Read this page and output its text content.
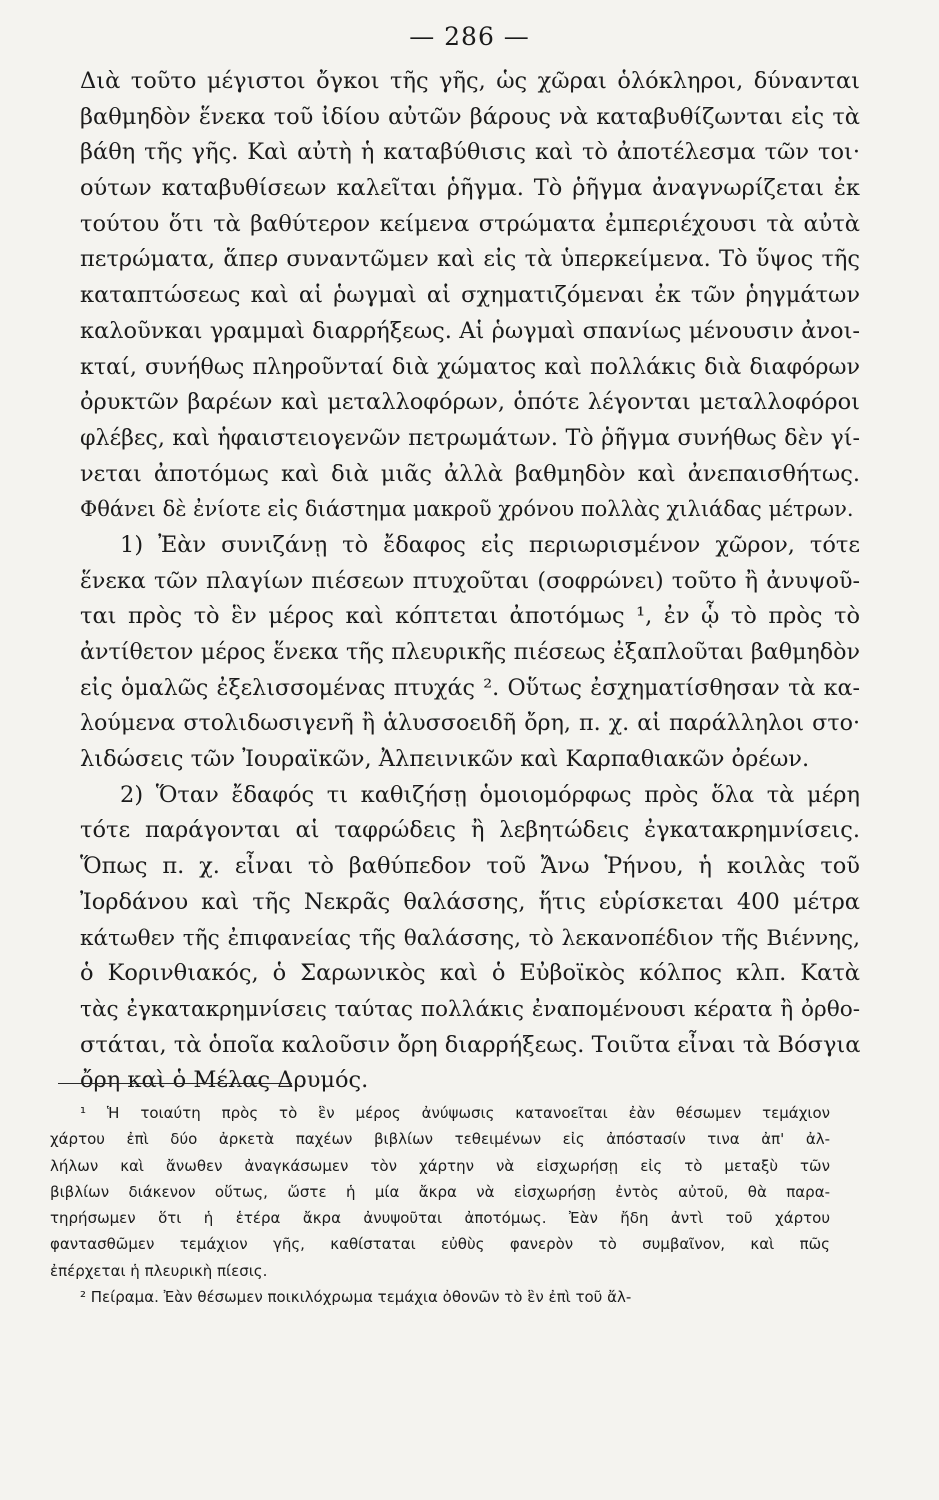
— 286 —
Διὰ τοῦτο μέγιστοι ὄγκοι τῆς γῆς, ὡς χῶραι ὁλόκληροι, δύνανται
βαθμηδὸν ἕνεκα τοῦ ἰδίου αὐτῶν βάρους νὰ καταβυθίζωνται εἰς τὰ
βάθη τῆς γῆς. Καὶ αὐτὴ ἡ καταβύθισις καὶ τὸ ἀποτέλεσμα τῶν τοι·
ούτων καταβυθίσεων καλεῖται ῥῆγμα. Τὸ ῥῆγμα ἀναγνωρίζεται ἐκ
τούτου ὅτι τὰ βαθύτερον κείμενα στρώματα ἐμπεριέχουσι τὰ αὐτὰ
πετρώματα, ἅπερ συναντῶμεν καὶ εἰς τὰ ὑπερκείμενα. Τὸ ὕψος τῆς
καταπτώσεως καὶ αἱ ῥωγμαὶ αἱ σχηματιζόμεναι ἐκ τῶν ῥηγμάτων
καλοῦνκαι γραμμαὶ διαρρήξεως. Αἱ ῥωγμαὶ σπανίως μένουσιν ἀνοι-
κταί, συνήθως πληροῦνταί διὰ χώματος καὶ πολλάκις διὰ διαφόρων
ὀρυκτῶν βαρέων καὶ μεταλλοφόρων, ὁπότε λέγονται μεταλλοφόροι
φλέβες, καὶ ἡφαιστειογενῶν πετρωμάτων. Τὸ ῥῆγμα συνήθως δὲν γί-
νεται ἀποτόμως καὶ διὰ μιᾶς ἀλλὰ βαθμηδὸν καὶ ἀνεπαισθήτως.
Φθάνει δὲ ἐνίοτε εἰς διάστημα μακροῦ χρόνου πολλὰς χιλιάδας μέτρων.
1) Ἐὰν συνιζάνῃ τὸ ἔδαφος εἰς περιωρισμένον χῶρον, τότε
ἕνεκα τῶν πλαγίων πιέσεων πτυχοῦται (σοφρώνει) τοῦτο ἢ ἀνυψοῦ-
ται πρὸς τὸ ἓν μέρος καὶ κόπτεται ἀποτόμως ¹, ἐν ᾧ τὸ πρὸς τὸ
ἀντίθετον μέρος ἕνεκα τῆς πλευρικῆς πιέσεως ἐξαπλοῦται βαθμηδὸν
εἰς ὁμαλῶς ἐξελισσομένας πτυχάς ². Οὕτως ἐσχηματίσθησαν τὰ κα-
λούμενα στολιδωσιγενῆ ἢ ἁλυσσοειδῆ ὄρη, π. χ. αἱ παράλληλοι στο·
λιδώσεις τῶν Ἰουραϊκῶν, Ἀλπεινικῶν καὶ Καρπαθιακῶν ὀρέων.
2) Ὅταν ἔδαφός τι καθιζήσῃ ὁμοιομόρφως πρὸς ὅλα τὰ μέρη
τότε παράγονται αἱ ταφρώδεις ἢ λεβητώδεις ἐγκατακρημνίσεις.
Ὅπως π. χ. εἶναι τὸ βαθύπεδον τοῦ Ἄνω Ῥήνου, ἡ κοιλὰς τοῦ
Ἰορδάνου καὶ τῆς Νεκρᾶς θαλάσσης, ἥτις εὑρίσκεται 400 μέτρα
κάτωθεν τῆς ἐπιφανείας τῆς θαλάσσης, τὸ λεκανοπέδιον τῆς Βιέννης,
ὁ Κορινθιακός, ὁ Σαρωνικὸς καὶ ὁ Εὐβοϊκὸς κόλπος κλπ. Κατὰ
τὰς ἐγκατακρημνίσεις ταύτας πολλάκις ἐναπομένουσι κέρατα ἢ ὀρθο-
στάται, τὰ ὁποῖα καλοῦσιν ὄρη διαρρήξεως. Τοιῦτα εἶναι τὰ Βόσγια
ὄρη καὶ ὁ Μέλας Δρυμός.
¹ Ἡ τοιαύτη πρὸς τὸ ἓν μέρος ἀνύψωσις κατανοεῖται ἐὰν θέσωμεν τεμάχιον
χάρτου ἐπὶ δύο ἀρκετὰ παχέων βιβλίων τεθειμένων εἰς ἀπόστασίν τινα ἀπ' ἀλ-
λήλων καὶ ἄνωθεν ἀναγκάσωμεν τὸν χάρτην νὰ εἰσχωρήσῃ εἰς τὸ μεταξὺ τῶν
βιβλίων διάκενον οὕτως, ὥστε ἡ μία ἄκρα νὰ εἰσχωρήσῃ ἐντὸς αὐτοῦ, θὰ παρα-
τηρήσωμεν ὅτι ἡ ἑτέρα ἄκρα ἀνυψοῦται ἀποτόμως. Ἐὰν ἤδη ἀντὶ τοῦ χάρτου
φαντασθῶμεν τεμάχιον γῆς, καθίσταται εὐθὺς φανερὸν τὸ συμβαῖνον, καὶ πῶς
ἐπέρχεται ἡ πλευρικὴ πίεσις.
² Πείραμα. Ἐὰν θέσωμεν ποικιλόχρωμα τεμάχια ὀθονῶν τὸ ἓν ἐπὶ τοῦ ἄλ-
